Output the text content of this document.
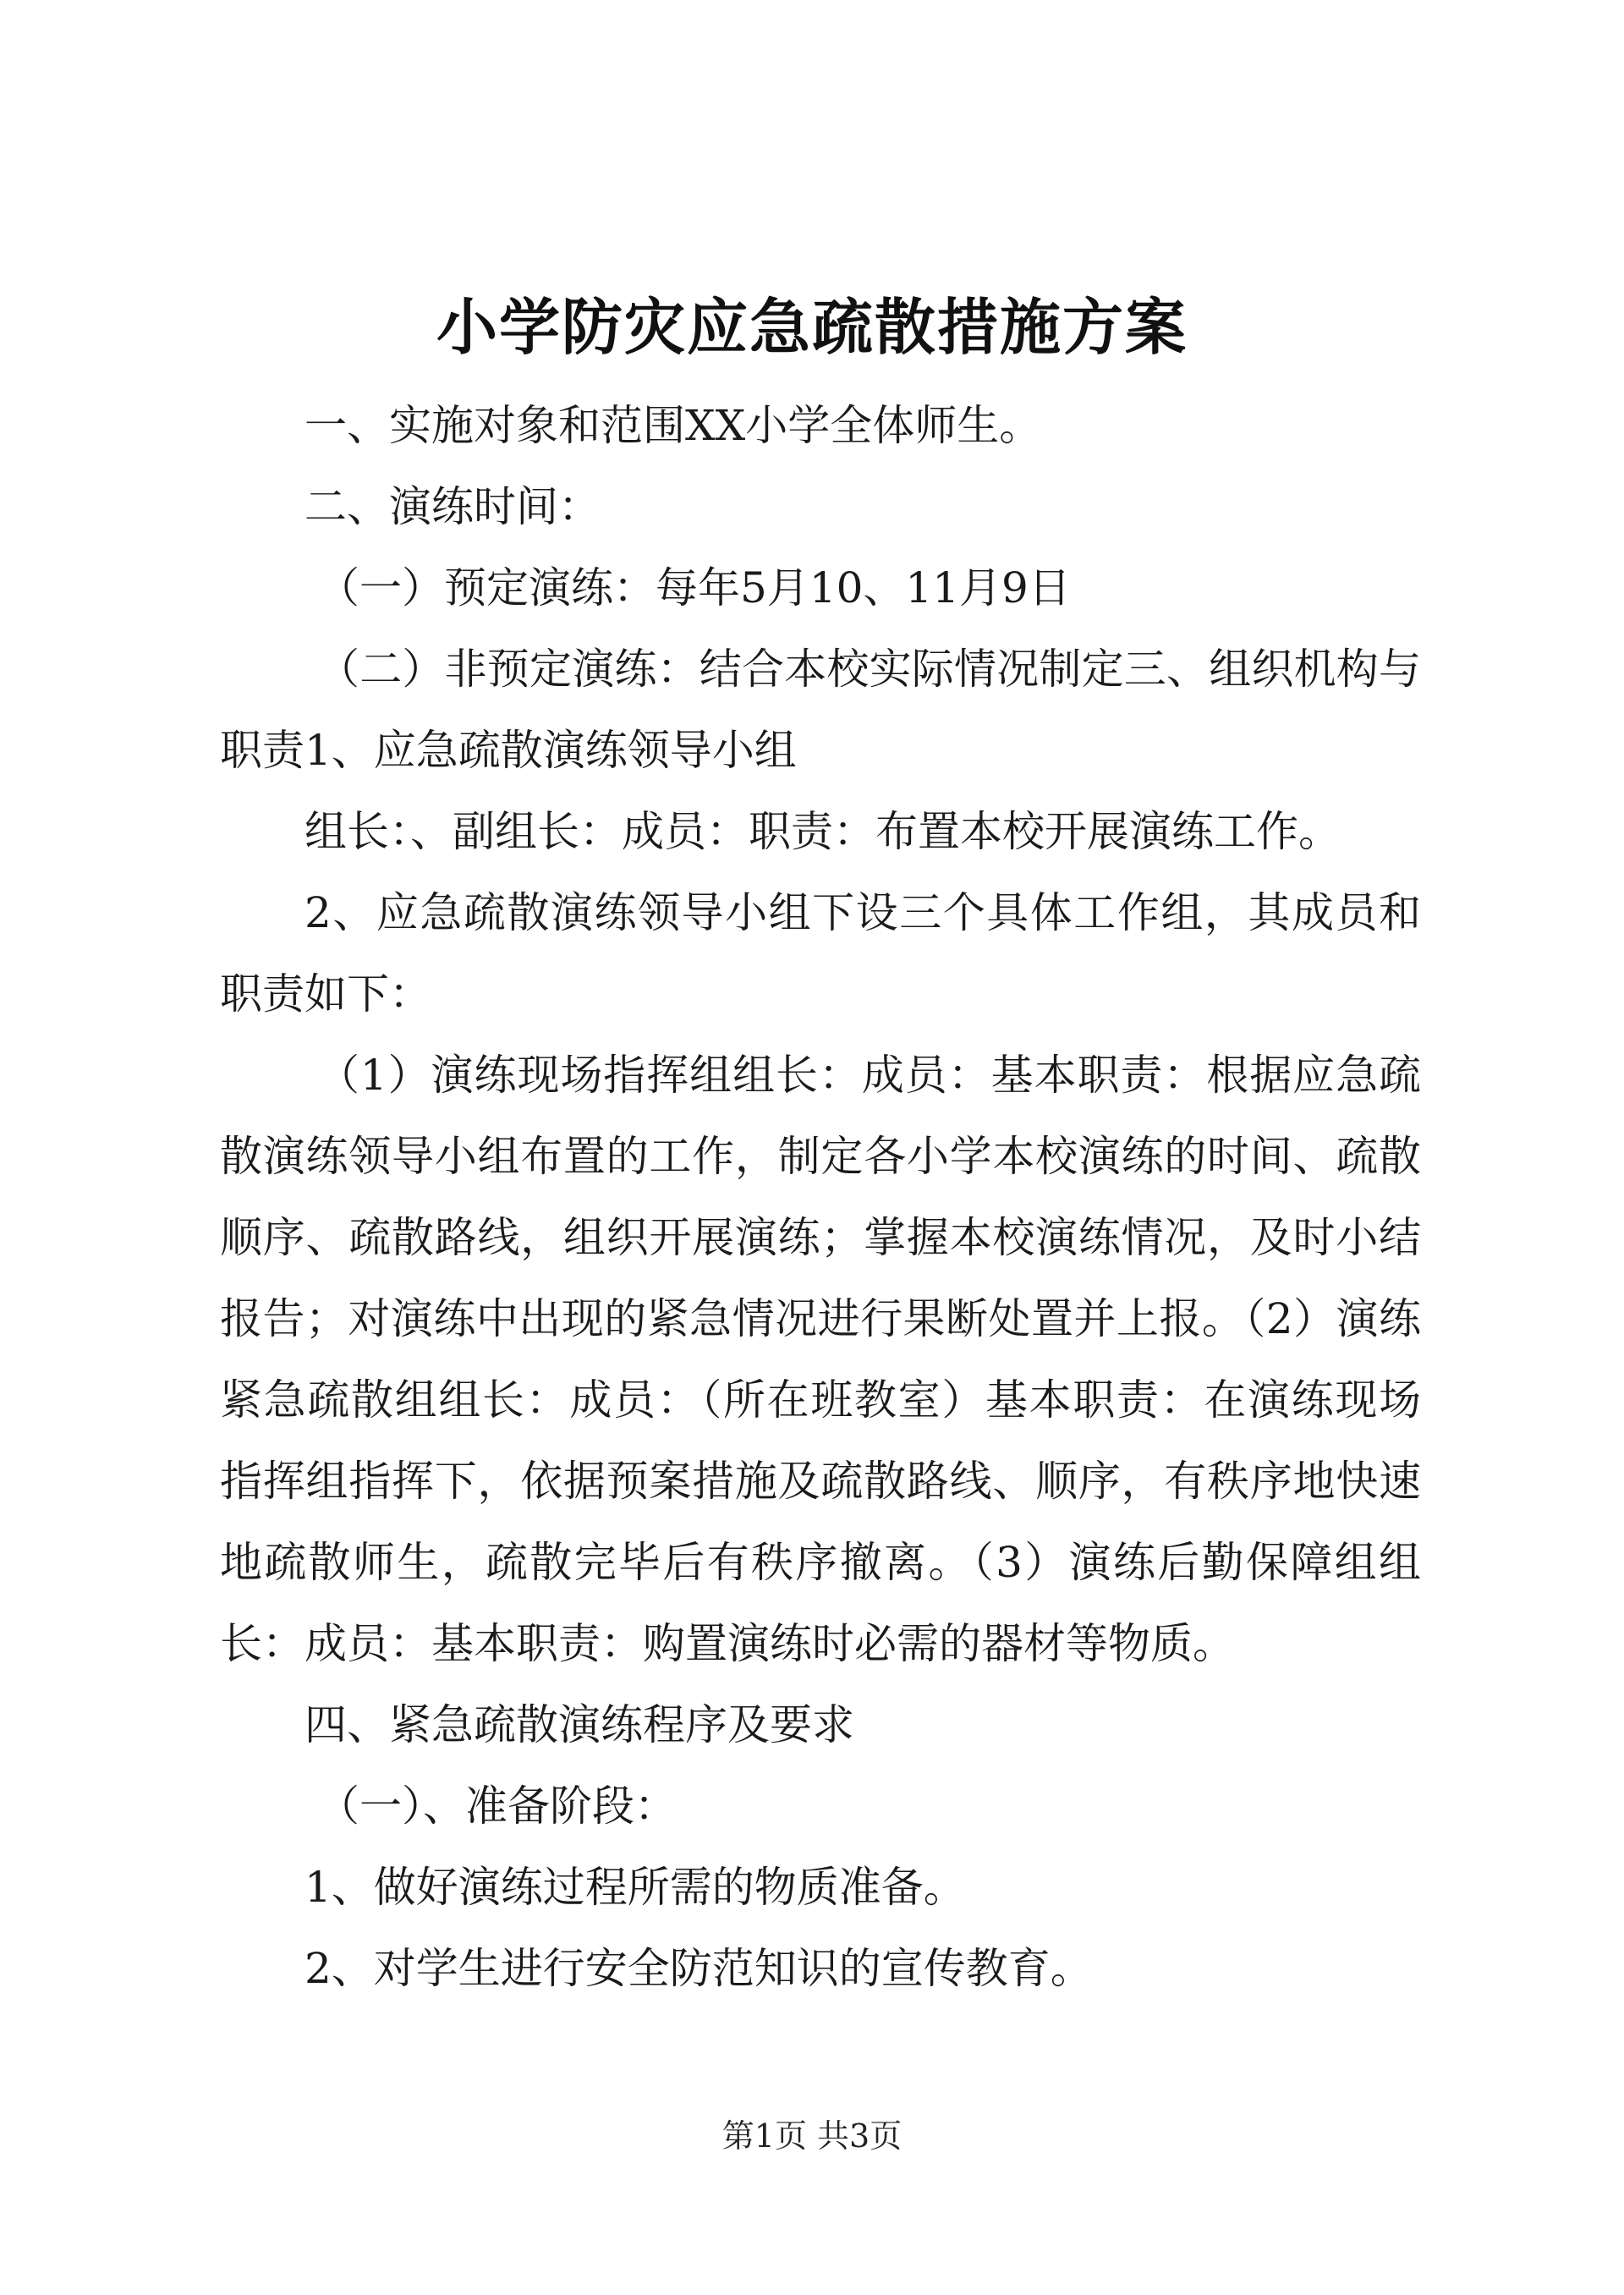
小学防灾应急疏散措施方案

一、实施对象和范围XX小学全体师生。

二、演练时间：

（一）预定演练：每年5月10、11月9日

（二）非预定演练：结合本校实际情况制定三、组织机构与职责1、应急疏散演练领导小组

组长：、副组长：成员：职责：布置本校开展演练工作。

2、应急疏散演练领导小组下设三个具体工作组，其成员和职责如下：

（1）演练现场指挥组组长：成员：基本职责：根据应急疏散演练领导小组布置的工作，制定各小学本校演练的时间、疏散顺序、疏散路线，组织开展演练；掌握本校演练情况，及时小结报告；对演练中出现的紧急情况进行果断处置并上报。（2）演练紧急疏散组组长：成员：（所在班教室）基本职责：在演练现场指挥组指挥下，依据预案措施及疏散路线、顺序，有秩序地快速地疏散师生，疏散完毕后有秩序撤离。（3）演练后勤保障组组长：成员：基本职责：购置演练时必需的器材等物质。

四、紧急疏散演练程序及要求

（一）、准备阶段：

1、做好演练过程所需的物质准备。

2、对学生进行安全防范知识的宣传教育。

第1页 共3页
